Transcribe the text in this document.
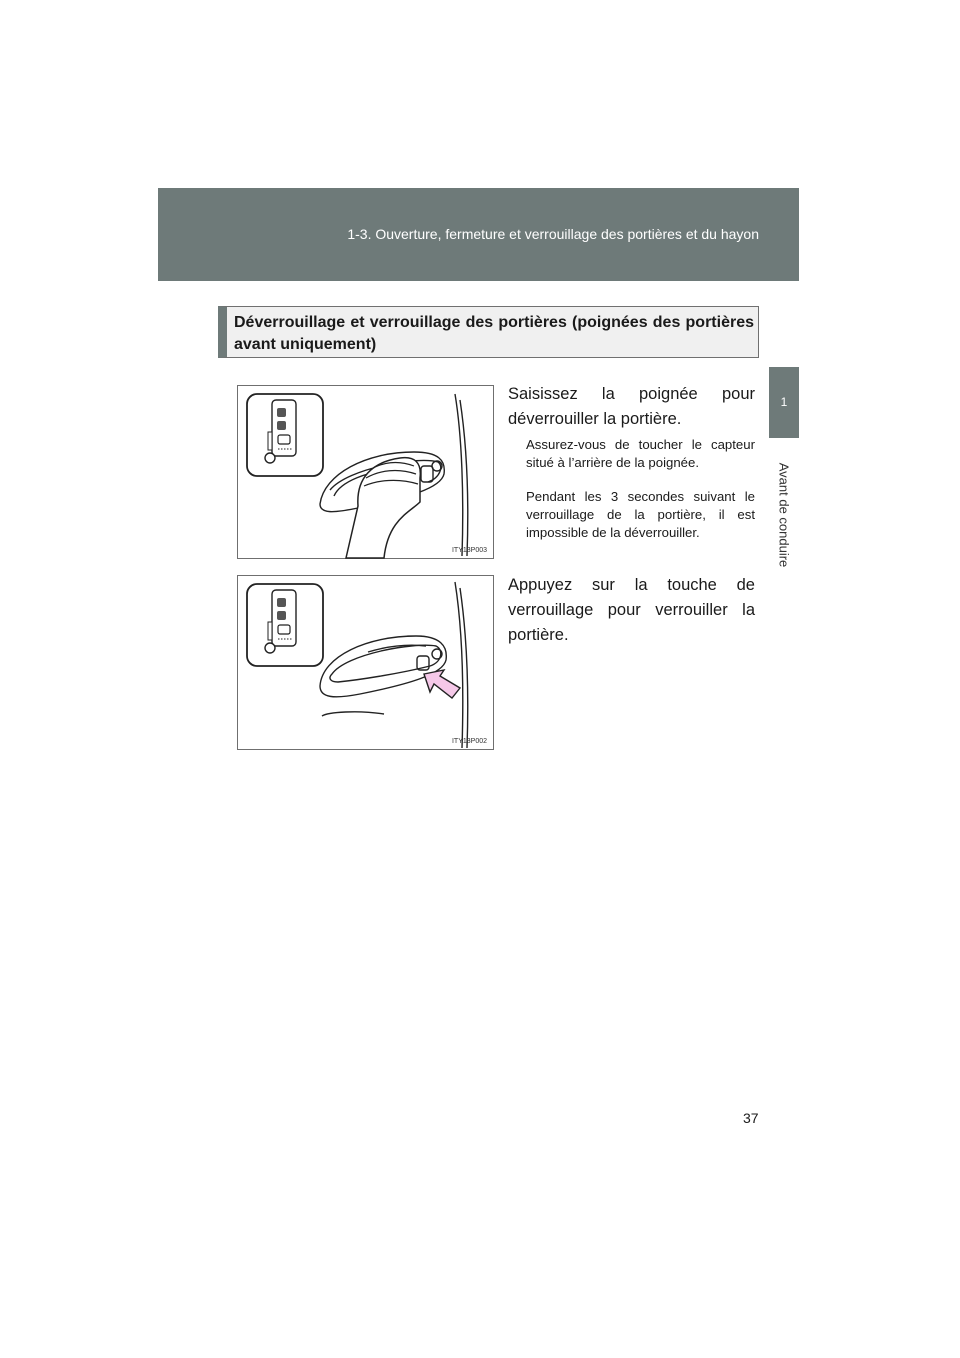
1-3. Ouverture, fermeture et verrouillage des portières et du hayon
1
Avant de conduire
Déverrouillage et verrouillage des portières (poignées des portières avant uniquement)
ITY13P003
ITY13P002
Saisissez la poignée pour déverrouiller la portière.
Assurez-vous de toucher le capteur situé à l’arrière de la poignée.
Pendant les 3 secondes suivant le verrouillage de la portière, il est impossible de la déverrouiller.
Appuyez sur la touche de verrouillage pour verrouiller la portière.
37
